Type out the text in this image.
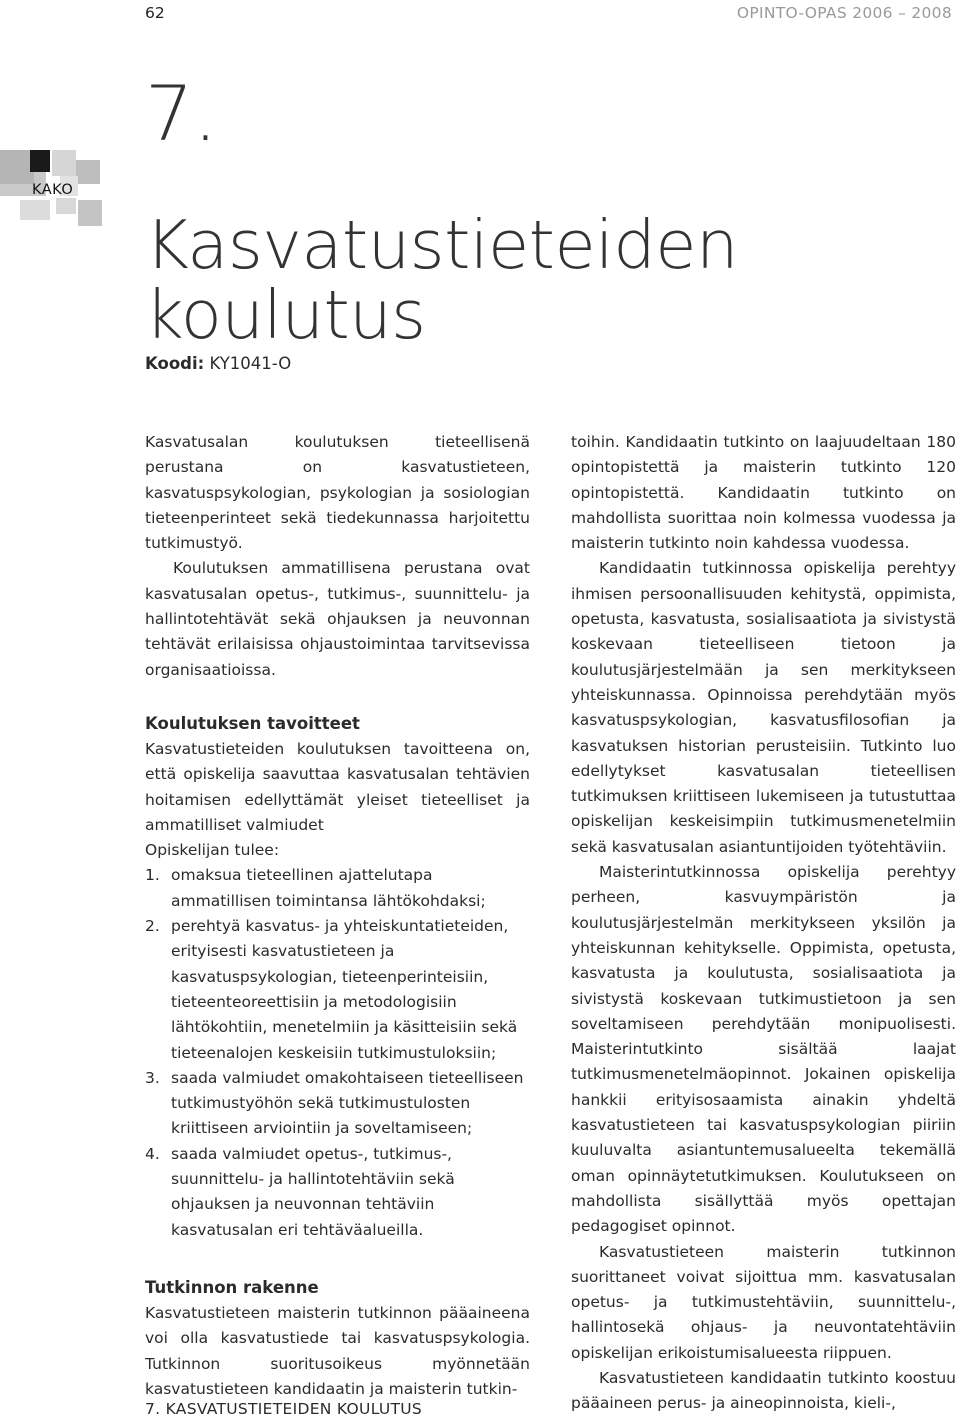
62	OPINTO-OPAS 2006 – 2008
7.
KAKO
Kasvatustieteiden
koulutus
Koodi: KY1041-O

Kasvatusalan koulutuksen tieteellisenä perustana on kasvatustieteen, kasvatuspsykologian, psykologian ja sosiologian tieteenperinteet sekä tiedekunnassa harjoitettu tutkimustyö.

Koulutuksen ammatillisena perustana ovat kasvatusalan opetus-, tutkimus-, suunnittelu- ja hallintotehtävät sekä ohjauksen ja neuvonnan tehtävät erilaisissa ohjaustoimintaa tarvitsevissa organisaatioissa.

Koulutuksen tavoitteet

Kasvatustieteiden koulutuksen tavoitteena on, että opiskelija saavuttaa kasvatusalan tehtävien hoitamisen edellyttämät yleiset tieteelliset ja ammatilliset valmiudet

Opiskelijan tulee:
1. omaksua tieteellinen ajattelutapa ammatillisen toimintansa lähtökohdaksi;
2. perehtyä kasvatus- ja yhteiskuntatieteiden, erityisesti kasvatustieteen ja kasvatuspsykologian, tieteenperinteisiin, tieteenteoreettisiin ja metodologisiin lähtökohtiin, menetelmiin ja käsitteisiin sekä tieteenalojen keskeisiin tutkimustuloksiin;
3. saada valmiudet omakohtaiseen tieteelliseen tutkimustyöhön sekä tutkimustulosten kriittiseen arviointiin ja soveltamiseen;
4. saada valmiudet opetus-, tutkimus-, suunnittelu- ja hallintotehtäviin sekä ohjauksen ja neuvonnan tehtäviin kasvatusalan eri tehtäväalueilla.
Tutkinnon rakenne

Kasvatustieteen maisterin tutkinnon pääaineena voi olla kasvatustiede tai kasvatuspsykologia. Tutkinnon suoritusoikeus myönnetään kasvatustieteen kandidaatin ja maisterin tutkin-

toihin. Kandidaatin tutkinto on laajuudeltaan 180 opintopistettä ja maisterin tutkinto 120 opintopistettä. Kandidaatin tutkinto on mahdollista suorittaa noin kolmessa vuodessa ja maisterin tutkinto noin kahdessa vuodessa.

Kandidaatin tutkinnossa opiskelija perehtyy ihmisen persoonallisuuden kehitystä, oppimista, opetusta, kasvatusta, sosialisaatiota ja sivistystä koskevaan tieteelliseen tietoon ja koulutusjärjestelmään ja sen merkitykseen yhteiskunnassa. Opinnoissa perehdytään myös kasvatuspsykologian, kasvatusfilosofian ja kasvatuksen historian perusteisiin. Tutkinto luo edellytykset kasvatusalan tieteellisen tutkimuksen kriittiseen lukemiseen ja tutustuttaa opiskelijan keskeisimpiin tutkimusmenetelmiin sekä kasvatusalan asiantuntijoiden työtehtäviin.

Maisterintutkinnossa opiskelija perehtyy perheen, kasvuympäristön ja koulutusjärjestelmän merkitykseen yksilön ja yhteiskunnan kehitykselle. Oppimista, opetusta, kasvatusta ja koulutusta, sosialisaatiota ja sivistystä koskevaan tutkimustietoon ja sen soveltamiseen perehdytään monipuolisesti. Maisterintutkinto sisältää laajat tutkimusmenetelmäopinnot. Jokainen opiskelija hankkii erityisosaamista ainakin yhdeltä kasvatustieteen tai kasvatuspsykologian piiriin kuuluvalta asiantuntemusalueelta tekemällä oman opinnäytetutkimuksen. Koulutukseen on mahdollista sisällyttää myös opettajan pedagogiset opinnot.

Kasvatustieteen maisterin tutkinnon suorittaneet voivat sijoittua mm. kasvatusalan opetus- ja tutkimustehtäviin, suunnittelu-, hallintosekä ohjaus- ja neuvontatehtäviin opiskelijan erikoistumisalueesta riippuen.

Kasvatustieteen kandidaatin tutkinto koostuu pääaineen perus- ja aineopinnoista, kieli-,

7. KASVATUSTIETEIDEN KOULUTUS
